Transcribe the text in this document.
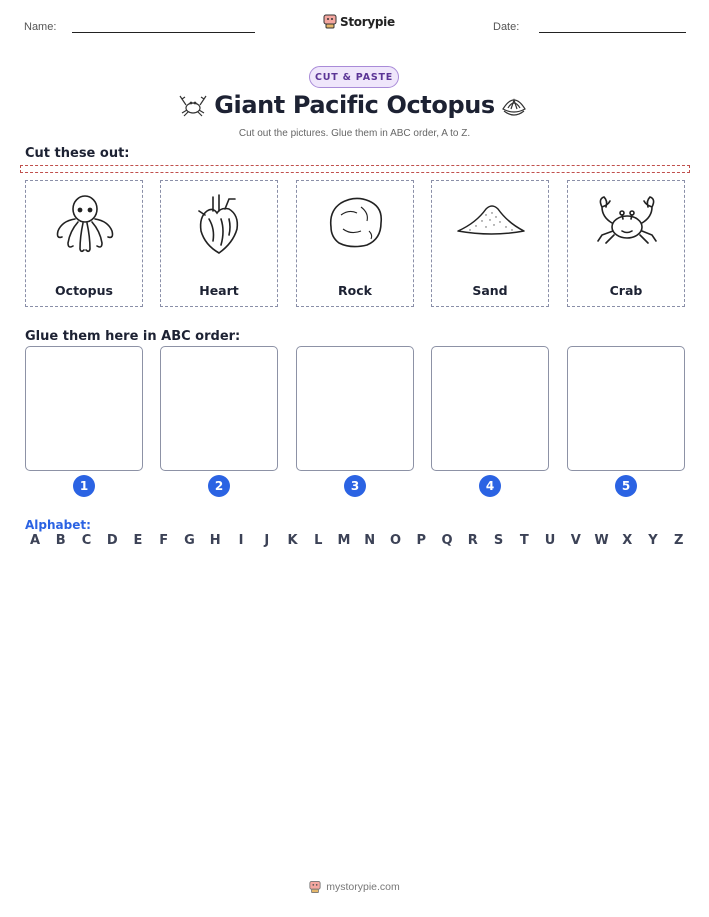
Name:	Storypie	Date:
CUT & PASTE
Giant Pacific Octopus
Cut out the pictures. Glue them in ABC order, A to Z.
Cut these out:
Octopus	Heart	Rock	Sand	Crab
Glue them here in ABC order:
1	2	3	4	5
Alphabet:
A B C D E F G H	I	J	K L M N O P Q R S T U V W X Y Z
mystorypie.com
